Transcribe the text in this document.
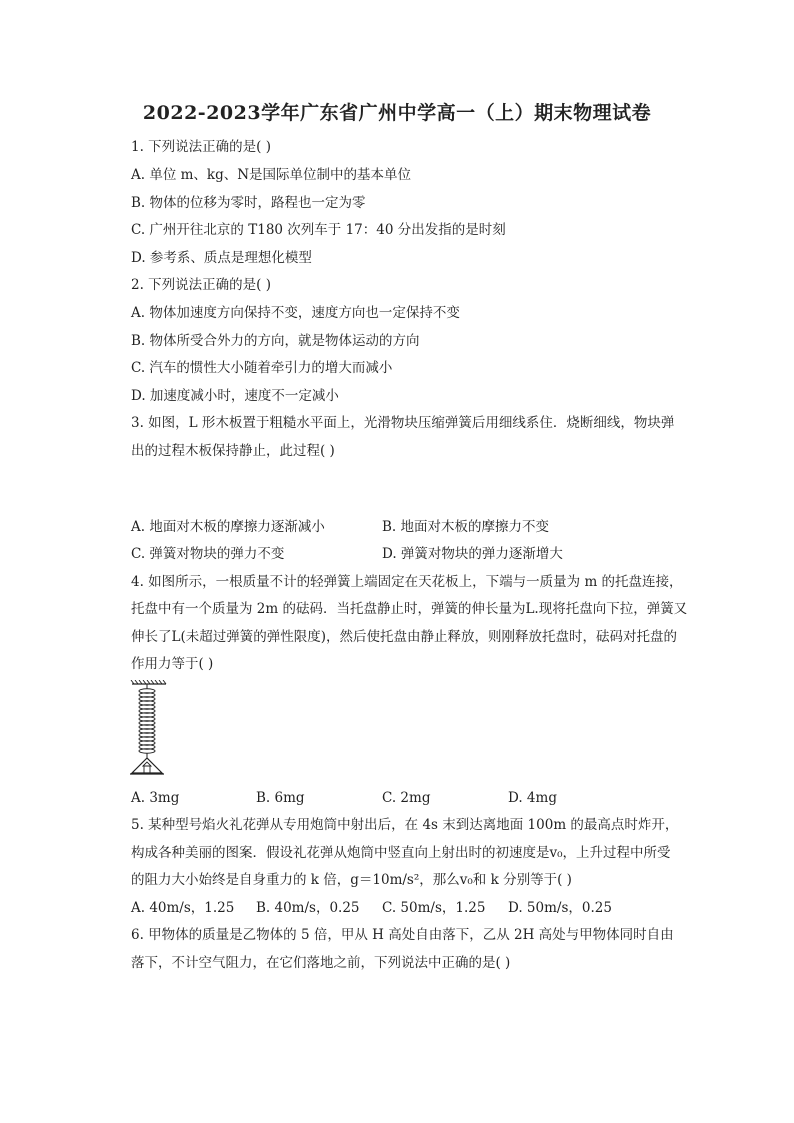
2022-2023学年广东省广州中学高一（上）期末物理试卷
1. 下列说法正确的是( )
A. 单位 m、kg、N是国际单位制中的基本单位
B. 物体的位移为零时，路程也一定为零
C. 广州开往北京的 T180 次列车于 17：40 分出发指的是时刻
D. 参考系、质点是理想化模型
2. 下列说法正确的是( )
A. 物体加速度方向保持不变，速度方向也一定保持不变
B. 物体所受合外力的方向，就是物体运动的方向
C. 汽车的惯性大小随着牵引力的增大而减小
D. 加速度减小时，速度不一定减小
3. 如图，L 形木板置于粗糙水平面上，光滑物块压缩弹簧后用细线系住．烧断细线，物块弹
出的过程木板保持静止，此过程( )
A. 地面对木板的摩擦力逐渐减小	B. 地面对木板的摩擦力不变
C. 弹簧对物块的弹力不变	D. 弹簧对物块的弹力逐渐增大
4. 如图所示，一根质量不计的轻弹簧上端固定在天花板上，下端与一质量为 m 的托盘连接，
托盘中有一个质量为 2m 的砝码．当托盘静止时，弹簧的伸长量为L.现将托盘向下拉，弹簧又
伸长了L(未超过弹簧的弹性限度)，然后使托盘由静止释放，则刚释放托盘时，砝码对托盘的
作用力等于( )
A. 3mg	B. 6mg	C. 2mg	D. 4mg
5. 某种型号焰火礼花弹从专用炮筒中射出后，在 4s 末到达离地面 100m 的最高点时炸开，
构成各种美丽的图案．假设礼花弹从炮筒中竖直向上射出时的初速度是v₀，上升过程中所受
的阻力大小始终是自身重力的 k 倍，g＝10m/s²，那么v₀和 k 分别等于( )
A. 40m/s，1.25 B. 40m/s，0.25 C. 50m/s，1.25 D. 50m/s，0.25
6. 甲物体的质量是乙物体的 5 倍，甲从 H 高处自由落下，乙从 2H 高处与甲物体同时自由
落下，不计空气阻力，在它们落地之前，下列说法中正确的是( )
